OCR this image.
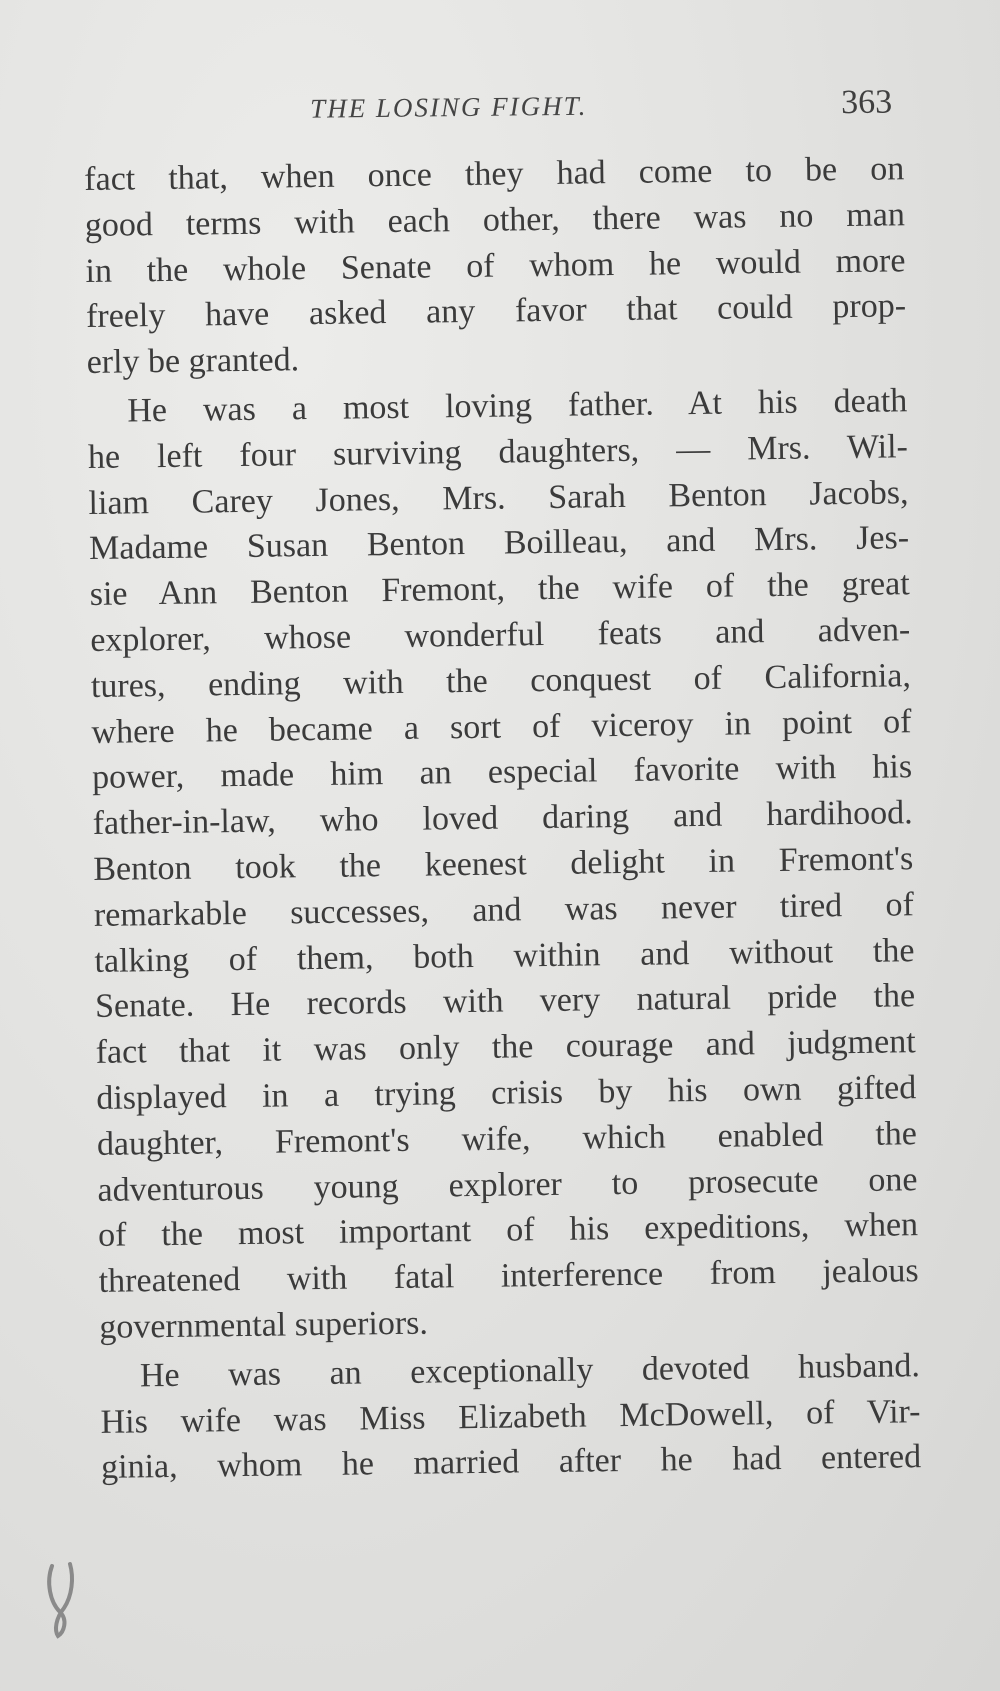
THE LOSING FIGHT.	363
fact that, when once they had come to be on
good terms with each other, there was no man
in the whole Senate of whom he would more
freely have asked any favor that could prop-
erly be granted.
He was a most loving father. At his death
he left four surviving daughters, — Mrs. Wil-
liam Carey Jones, Mrs. Sarah Benton Jacobs,
Madame Susan Benton Boilleau, and Mrs. Jes-
sie Ann Benton Fremont, the wife of the great
explorer, whose wonderful feats and adven-
tures, ending with the conquest of California,
where he became a sort of viceroy in point of
power, made him an especial favorite with his
father-in-law, who loved daring and hardihood.
Benton took the keenest delight in Fremont's
remarkable successes, and was never tired of
talking of them, both within and without the
Senate. He records with very natural pride the
fact that it was only the courage and judgment
displayed in a trying crisis by his own gifted
daughter, Fremont's wife, which enabled the
adventurous young explorer to prosecute one
of the most important of his expeditions, when
threatened with fatal interference from jealous
governmental superiors.
He was an exceptionally devoted husband.
His wife was Miss Elizabeth McDowell, of Vir-
ginia, whom he married after he had entered
